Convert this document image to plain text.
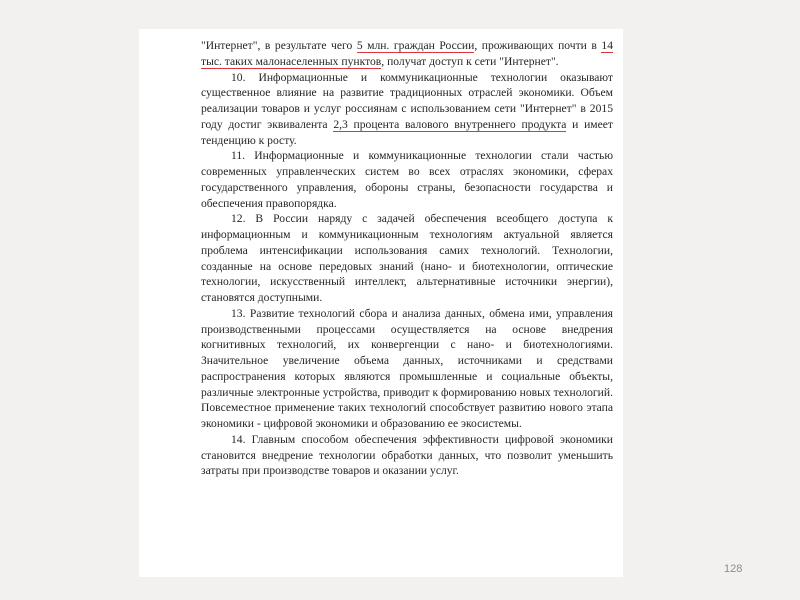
"Интернет", в результате чего 5 млн. граждан России, проживающих почти в 14 тыс. таких малонаселенных пунктов, получат доступ к сети "Интернет".

10. Информационные и коммуникационные технологии оказывают существенное влияние на развитие традиционных отраслей экономики. Объем реализации товаров и услуг россиянам с использованием сети "Интернет" в 2015 году достиг эквивалента 2,3 процента валового внутреннего продукта и имеет тенденцию к росту.

11. Информационные и коммуникационные технологии стали частью современных управленческих систем во всех отраслях экономики, сферах государственного управления, обороны страны, безопасности государства и обеспечения правопорядка.

12. В России наряду с задачей обеспечения всеобщего доступа к информационным и коммуникационным технологиям актуальной является проблема интенсификации использования самих технологий. Технологии, созданные на основе передовых знаний (нано- и биотехнологии, оптические технологии, искусственный интеллект, альтернативные источники энергии), становятся доступными.

13. Развитие технологий сбора и анализа данных, обмена ими, управления производственными процессами осуществляется на основе внедрения когнитивных технологий, их конвергенции с нано- и биотехнологиями. Значительное увеличение объема данных, источниками и средствами распространения которых являются промышленные и социальные объекты, различные электронные устройства, приводит к формированию новых технологий. Повсеместное применение таких технологий способствует развитию нового этапа экономики - цифровой экономики и образованию ее экосистемы.

14. Главным способом обеспечения эффективности цифровой экономики становится внедрение технологии обработки данных, что позволит уменьшить затраты при производстве товаров и оказании услуг.

128
